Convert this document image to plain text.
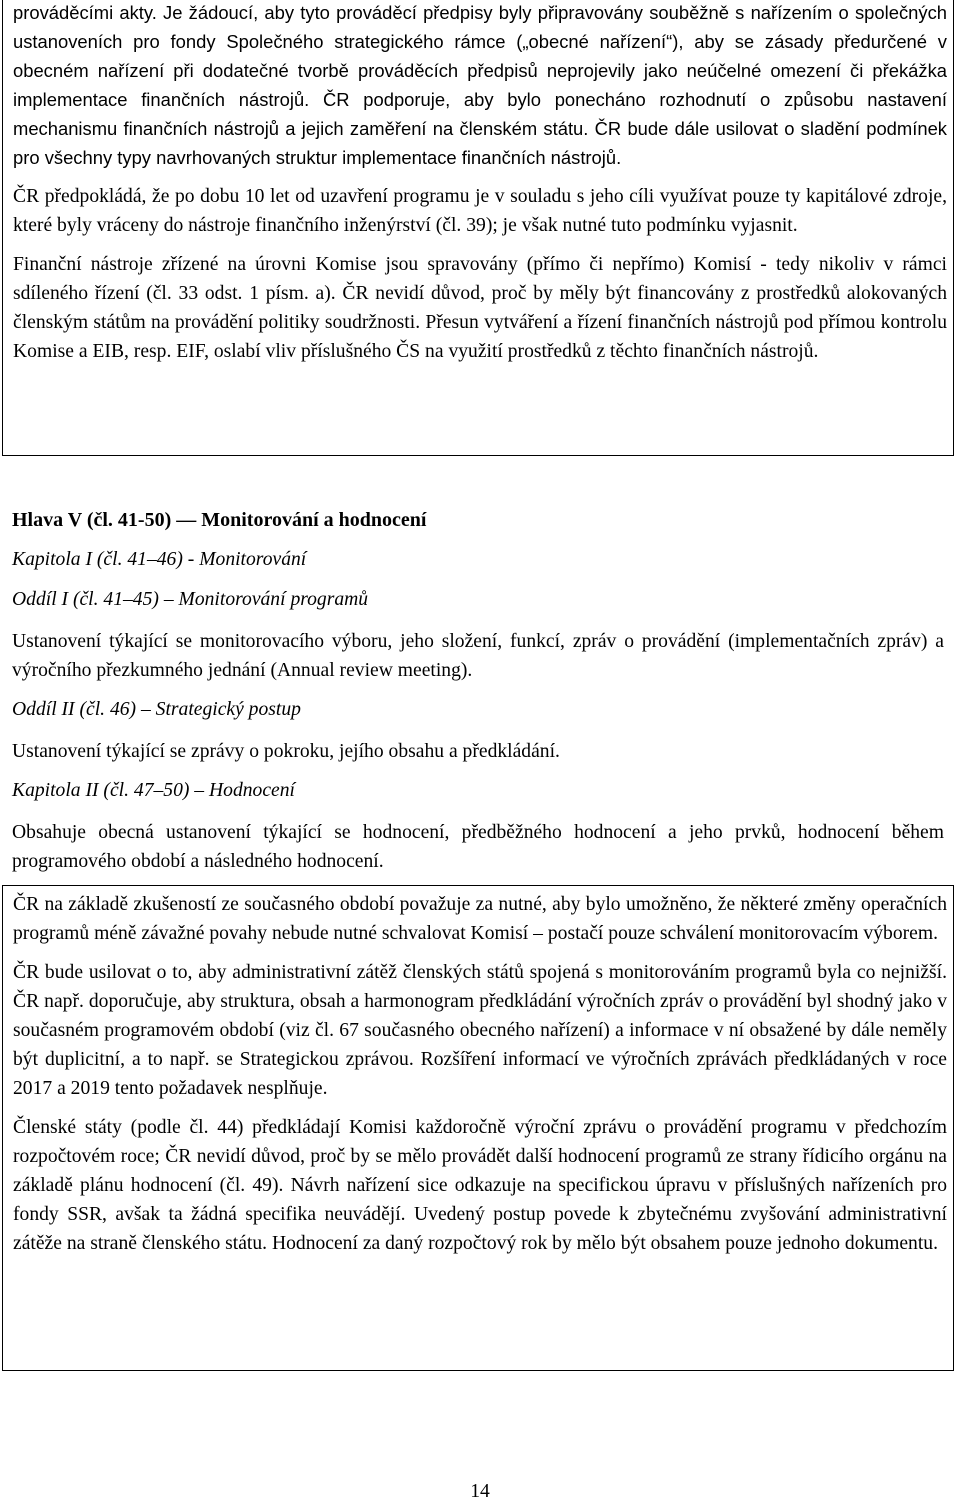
prováděcími akty. Je žádoucí, aby tyto prováděcí předpisy byly připravovány souběžně s nařízením o společných ustanoveních pro fondy Společného strategického rámce („obecné nařízení“), aby se zásady předurčené v obecném nařízení při dodatečné tvorbě prováděcích předpisů neprojevily jako neúčelné omezení či překážka implementace finančních nástrojů. ČR podporuje, aby bylo ponecháno rozhodnutí o způsobu nastavení mechanismu finančních nástrojů a jejich zaměření na členském státu. ČR bude dále usilovat o sladění podmínek pro všechny typy navrhovaných struktur implementace finančních nástrojů.

ČR předpokládá, že po dobu 10 let od uzavření programu je v souladu s jeho cíli využívat pouze ty kapitálové zdroje, které byly vráceny do nástroje finančního inženýrství (čl. 39); je však nutné tuto podmínku vyjasnit.

Finanční nástroje zřízené na úrovni Komise jsou spravovány (přímo či nepřímo) Komisí - tedy nikoliv v rámci sdíleného řízení (čl. 33 odst. 1 písm. a). ČR nevidí důvod, proč by měly být financovány z prostředků alokovaných členským státům na provádění politiky soudržnosti. Přesun vytváření a řízení finančních nástrojů pod přímou kontrolu Komise a EIB, resp. EIF, oslabí vliv příslušného ČS na využití prostředků z těchto finančních nástrojů.

Hlava V (čl. 41-50) — Monitorování a hodnocení

Kapitola I (čl. 41–46) - Monitorování

Oddíl I (čl. 41–45) – Monitorování programů

Ustanovení týkající se monitorovacího výboru, jeho složení, funkcí, zpráv o provádění (implementačních zpráv) a výročního přezkumného jednání (Annual review meeting).

Oddíl II (čl. 46) – Strategický postup

Ustanovení týkající se zprávy o pokroku, jejího obsahu a předkládání.

Kapitola II (čl. 47–50) – Hodnocení

Obsahuje obecná ustanovení týkající se hodnocení, předběžného hodnocení a jeho prvků, hodnocení během programového období a následného hodnocení.

ČR na základě zkušeností ze současného období považuje za nutné, aby bylo umožněno, že některé změny operačních programů méně závažné povahy nebude nutné schvalovat Komisí – postačí pouze schválení monitorovacím výborem.

ČR bude usilovat o to, aby administrativní zátěž členských států spojená s monitorováním programů byla co nejnižší. ČR např. doporučuje, aby struktura, obsah a harmonogram předkládání výročních zpráv o provádění byl shodný jako v současném programovém období (viz čl. 67 současného obecného nařízení) a informace v ní obsažené by dále neměly být duplicitní, a to např. se Strategickou zprávou. Rozšíření informací ve výročních zprávách předkládaných v roce 2017 a 2019 tento požadavek nesplňuje.

Členské státy (podle čl. 44) předkládají Komisi každoročně výroční zprávu o provádění programu v předchozím rozpočtovém roce; ČR nevidí důvod, proč by se mělo provádět další hodnocení programů ze strany řídicího orgánu na základě plánu hodnocení (čl. 49). Návrh nařízení sice odkazuje na specifickou úpravu v příslušných nařízeních pro fondy SSR, avšak ta žádná specifika neuvádějí. Uvedený postup povede k zbytečnému zvyšování administrativní zátěže na straně členského státu. Hodnocení za daný rozpočtový rok by mělo být obsahem pouze jednoho dokumentu.

14
